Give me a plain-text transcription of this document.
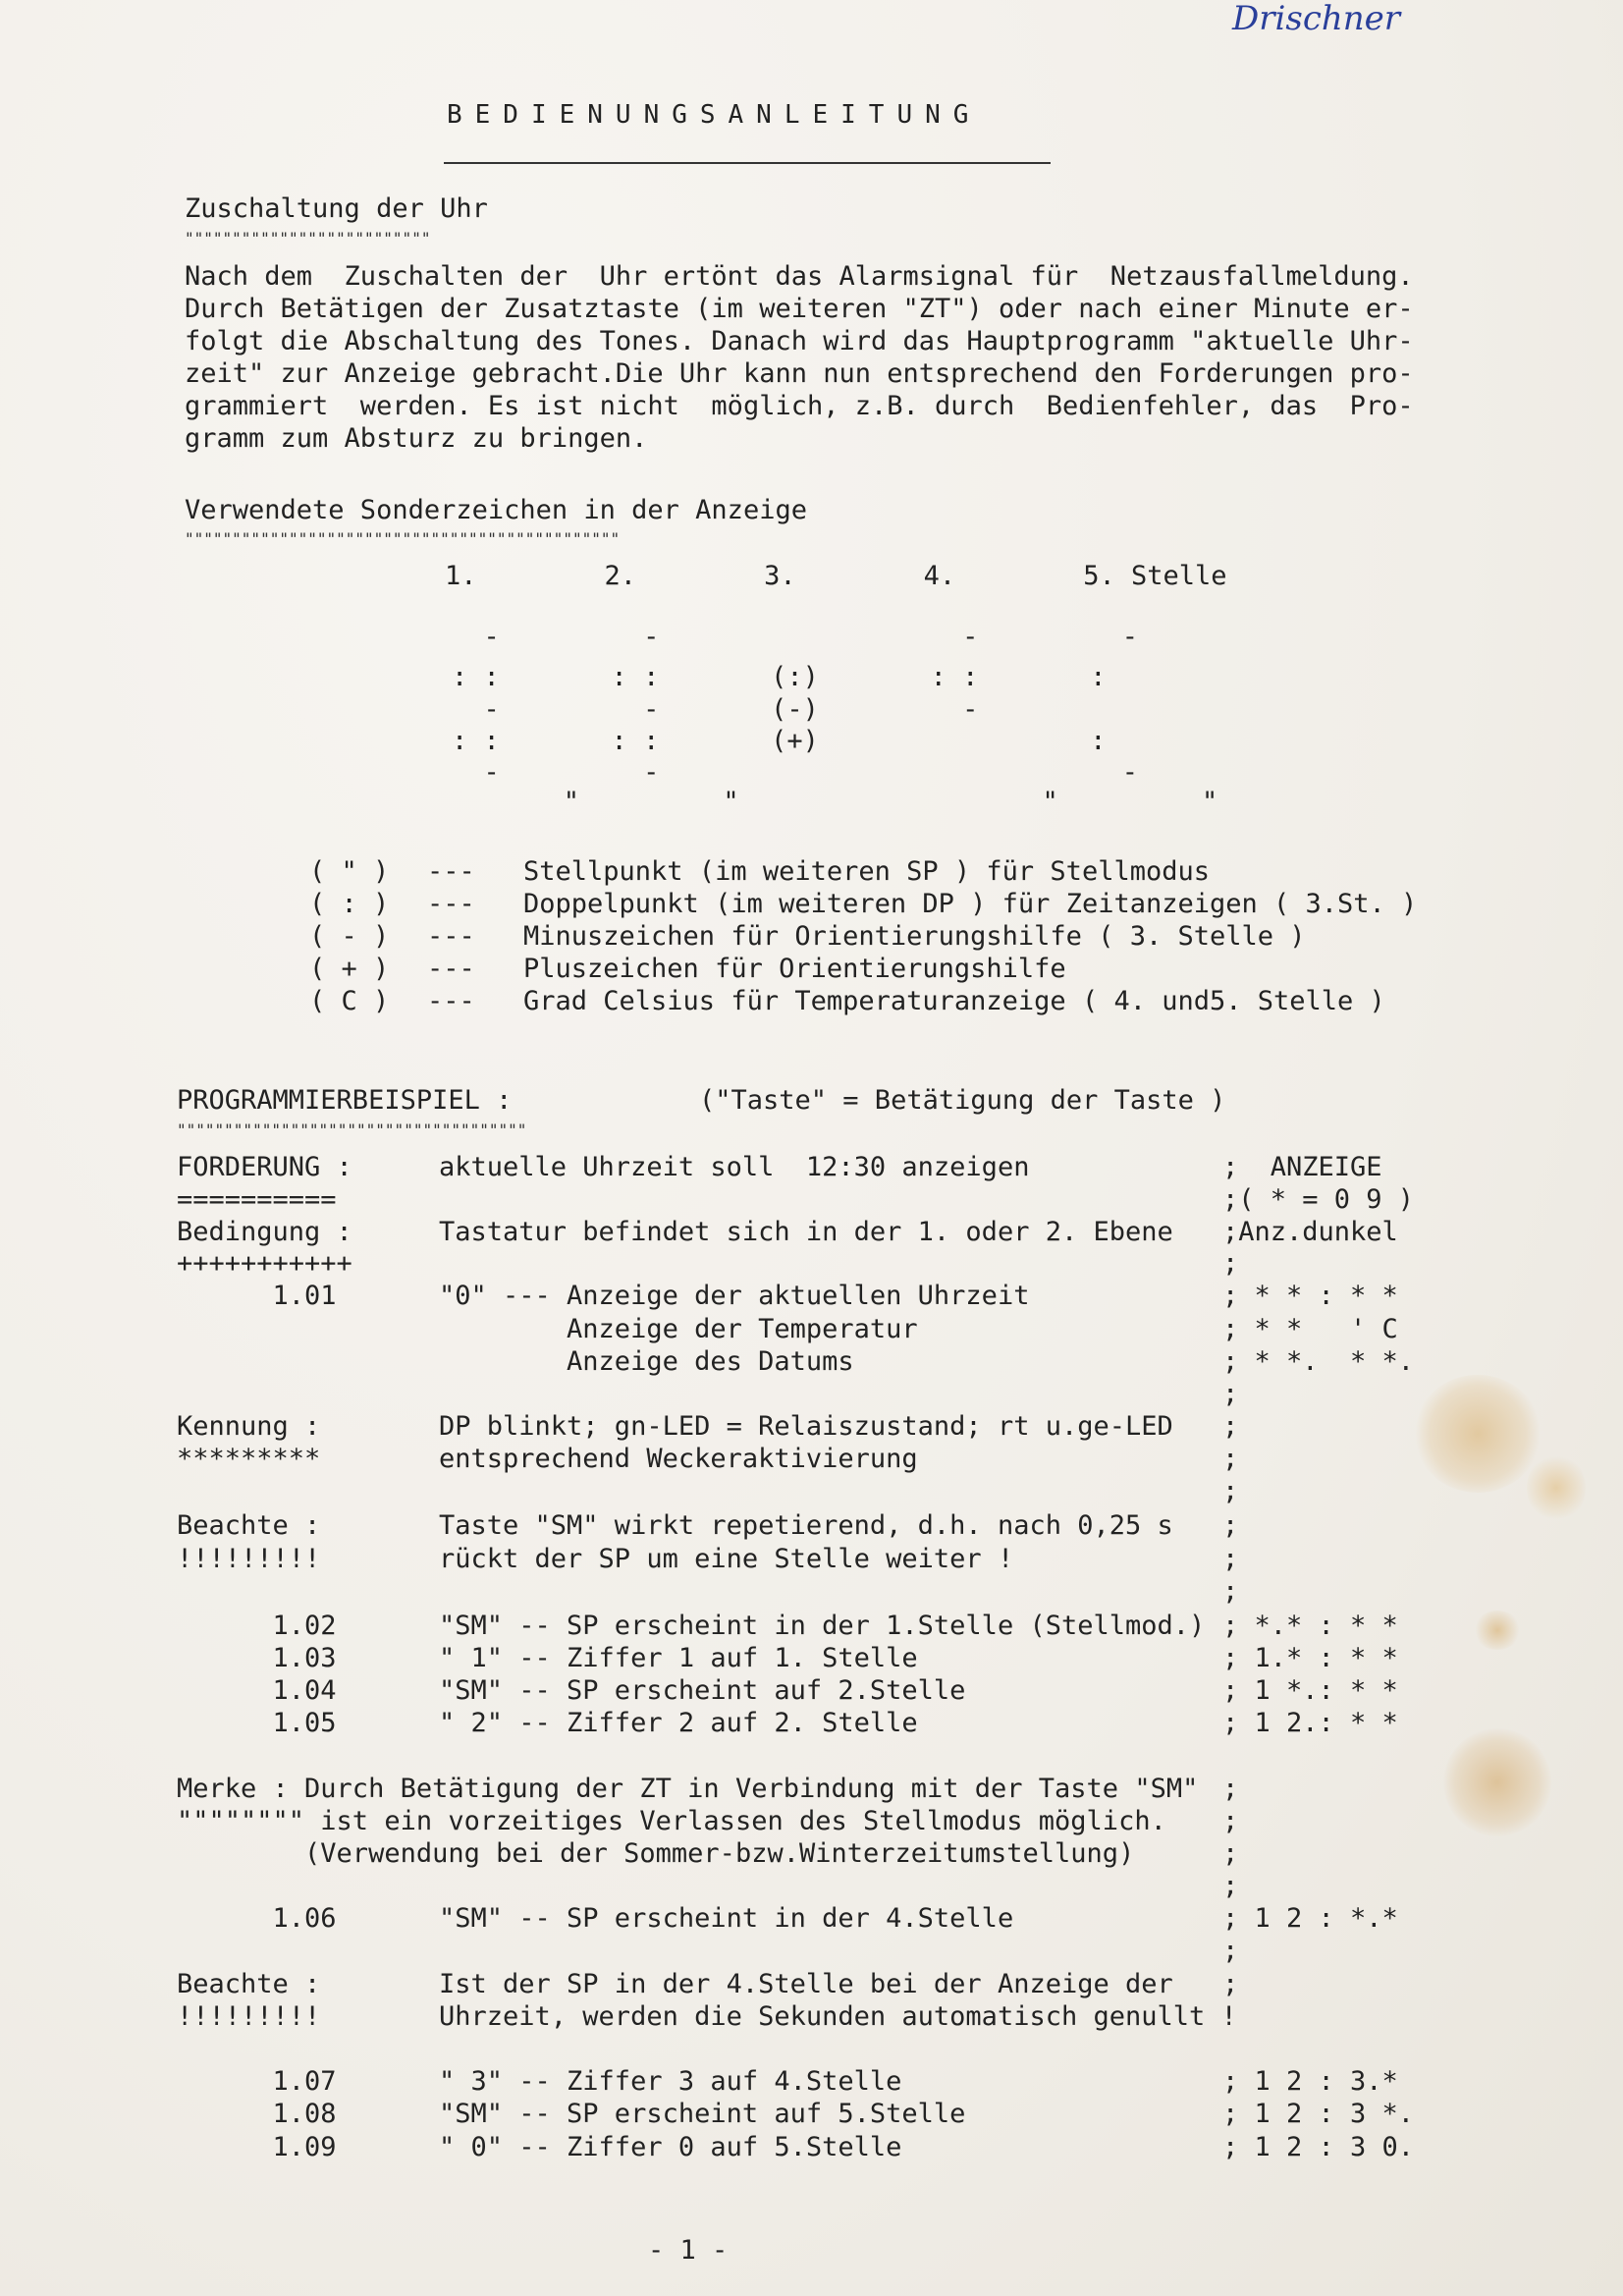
Drischner
BEDIENUNGSANLEITUNG
Zuschaltung der Uhr
""""""""""""""""""""""""""
Nach dem  Zuschalten der  Uhr ertönt das Alarmsignal für  Netzausfallmeldung.
Durch Betätigen der Zusatztaste (im weiteren "ZT") oder nach einer Minute er-
folgt die Abschaltung des Tones. Danach wird das Hauptprogramm "aktuelle Uhr-
zeit" zur Anzeige gebracht.Die Uhr kann nun entsprechend den Forderungen pro-
grammiert  werden. Es ist nicht  möglich, z.B. durch  Bedienfehler, das  Pro-
gramm zum Absturz zu bringen.
Verwendete Sonderzeichen in der Anzeige
""""""""""""""""""""""""""""""""""""""""""""""
1.        2.        3.        4.        5. Stelle
-         -                   -         -
: :       : :       (:)       : :       :
-         -       (-)         -
: :       : :       (+)                 :
-         -                             -
"         "                   "         "
( " ) --- Stellpunkt (im weiteren SP ) für Stellmodus
( : ) --- Doppelpunkt (im weiteren DP ) für Zeitanzeigen ( 3.St. )
( - ) --- Minuszeichen für Orientierungshilfe ( 3. Stelle )
( + ) --- Pluszeichen für Orientierungshilfe
( C ) --- Grad Celsius für Temperaturanzeige ( 4. und5. Stelle )
PROGRAMMIERBEISPIEL :	("Taste" = Betätigung der Taste )
"""""""""""""""""""""""""""""""""""""
FORDERUNG :	aktuelle Uhrzeit soll  12:30 anzeigen	;  ANZEIGE
==========	;( * = 0 9 )
Bedingung :	Tastatur befindet sich in der 1. oder 2. Ebene ;Anz.dunkel
+++++++++++	;
1.01	"0" --- Anzeige der aktuellen Uhrzeit	; * * : * *
Anzeige der Temperatur	; * *   ' C
Anzeige des Datums	; * *.  * *.
;
Kennung :	DP blinkt; gn-LED = Relaiszustand; rt u.ge-LED ;
*********	entsprechend Weckeraktivierung	;
;
Beachte :	Taste "SM" wirkt repetierend, d.h. nach 0,25 s ;
!!!!!!!!!	rückt der SP um eine Stelle weiter !	;
;
1.02	"SM" -- SP erscheint in der 1.Stelle (Stellmod.) ; *.* : * *
1.03	" 1" -- Ziffer 1 auf 1. Stelle	; 1.* : * *
1.04	"SM" -- SP erscheint auf 2.Stelle	; 1 *.: * *
1.05	" 2" -- Ziffer 2 auf 2. Stelle	; 1 2.: * *
Merke : Durch Betätigung der ZT in Verbindung mit der Taste "SM" ;
"""""""" ist ein vorzeitiges Verlassen des Stellmodus möglich. ;
(Verwendung bei der Sommer-bzw.Winterzeitumstellung)	;
;
1.06	"SM" -- SP erscheint in der 4.Stelle	; 1 2 : *.*
;
Beachte :	Ist der SP in der 4.Stelle bei der Anzeige der ;
!!!!!!!!!	Uhrzeit, werden die Sekunden automatisch genullt !
1.07	" 3" -- Ziffer 3 auf 4.Stelle	; 1 2 : 3.*
1.08	"SM" -- SP erscheint auf 5.Stelle	; 1 2 : 3 *.
1.09	" 0" -- Ziffer 0 auf 5.Stelle	; 1 2 : 3 0.
- 1 -
